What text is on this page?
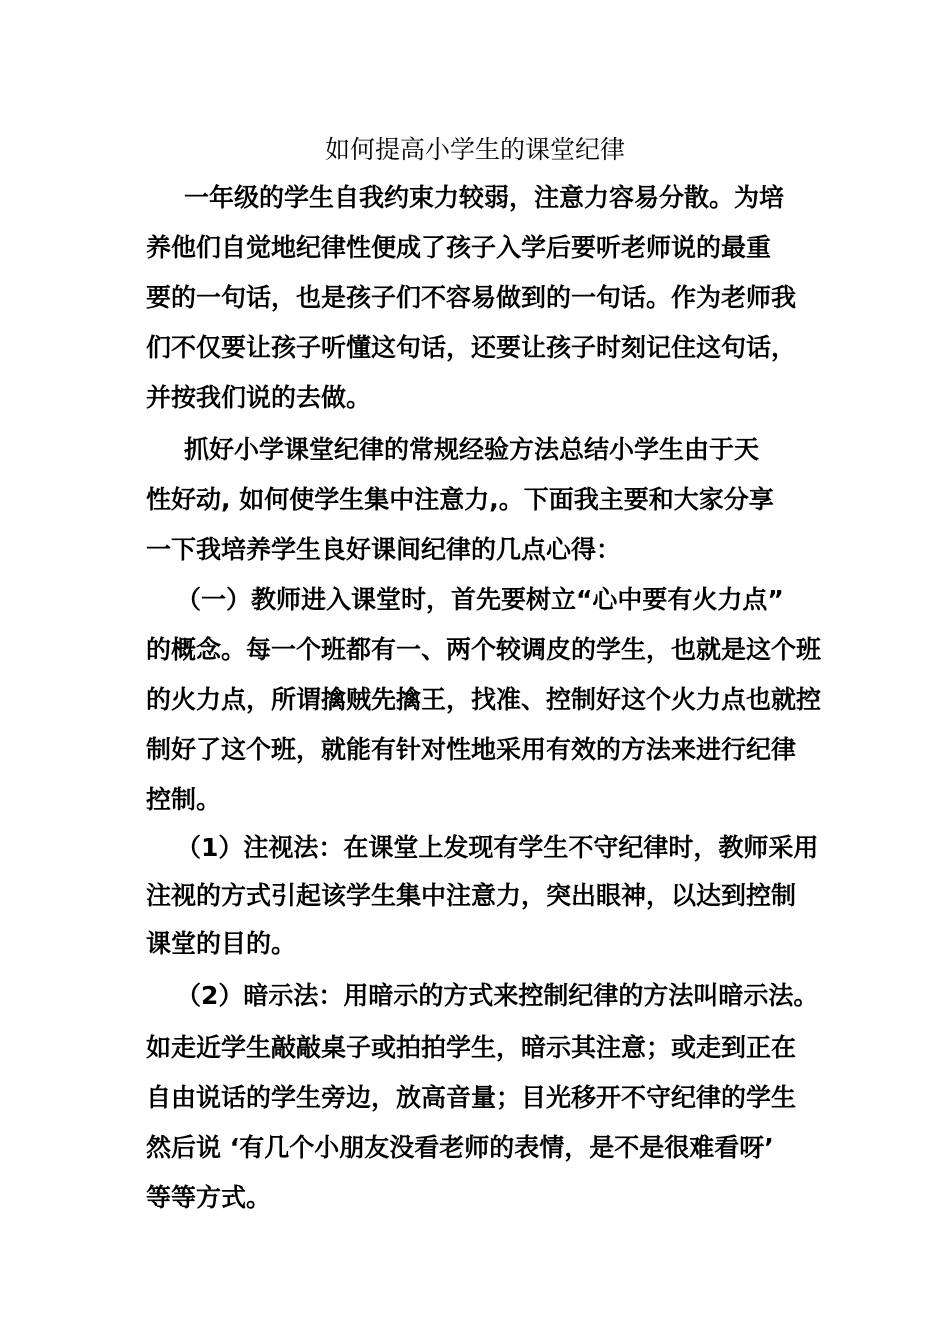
如何提高小学生的课堂纪律

一年级的学生自我约束力较弱，注意力容易分散。为培

养他们自觉地纪律性便成了孩子入学后要听老师说的最重

要的一句话，也是孩子们不容易做到的一句话。作为老师我

们不仅要让孩子听懂这句话，还要让孩子时刻记住这句话，

并按我们说的去做。

抓好小学课堂纪律的常规经验方法总结小学生由于天

性好动, 如何使学生集中注意力,。下面我主要和大家分享

一下我培养学生良好课间纪律的几点心得：

（一）教师进入课堂时，首先要树立“心中要有火力点”

的概念。每一个班都有一、两个较调皮的学生，也就是这个班

的火力点，所谓擒贼先擒王，找准、控制好这个火力点也就控

制好了这个班，就能有针对性地采用有效的方法来进行纪律

控制。

（1）注视法：在课堂上发现有学生不守纪律时，教师采用

注视的方式引起该学生集中注意力，突出眼神，以达到控制

课堂的目的。

（2）暗示法：用暗示的方式来控制纪律的方法叫暗示法。

如走近学生敲敲桌子或拍拍学生，暗示其注意；或走到正在

自由说话的学生旁边，放高音量；目光移开不守纪律的学生

然后说 ‘有几个小朋友没看老师的表情，是不是很难看呀’

等等方式。
